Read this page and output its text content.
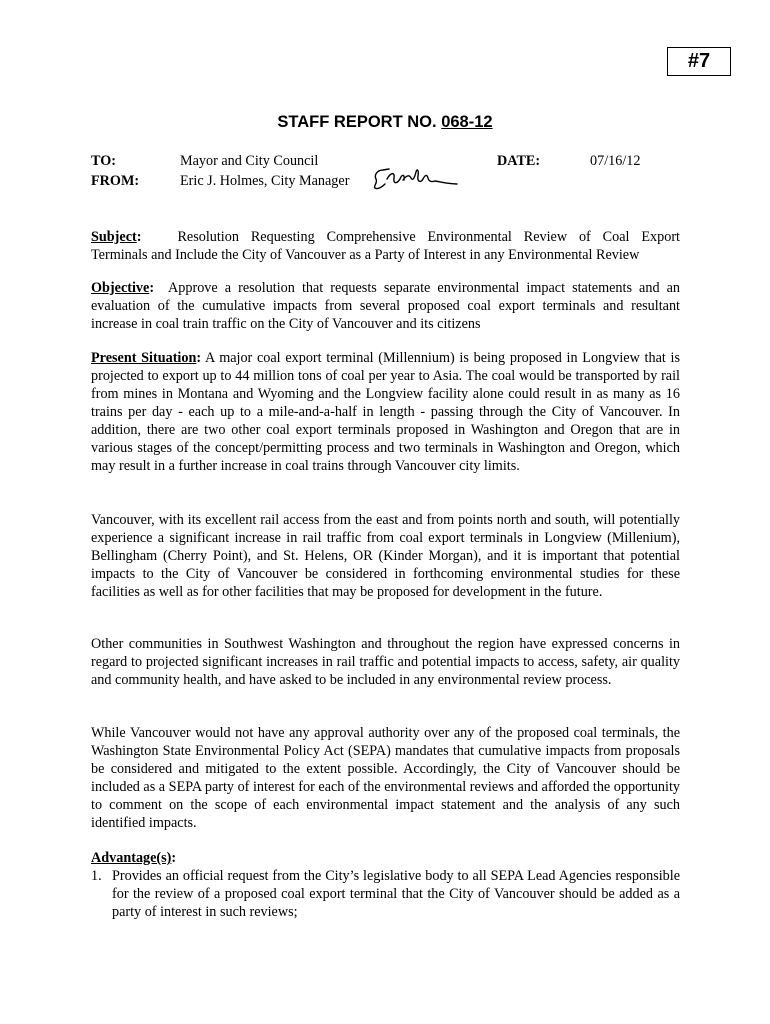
#7
STAFF REPORT NO. 068-12
TO:	Mayor and City Council
FROM:	Eric J. Holmes, City Manager
DATE:	07/16/12

Subject:	Resolution Requesting Comprehensive Environmental Review of Coal Export Terminals and Include the City of Vancouver as a Party of Interest in any Environmental Review

Objective: Approve a resolution that requests separate environmental impact statements and an evaluation of the cumulative impacts from several proposed coal export terminals and resultant increase in coal train traffic on the City of Vancouver and its citizens

Present Situation: A major coal export terminal (Millennium) is being proposed in Longview that is projected to export up to 44 million tons of coal per year to Asia. The coal would be transported by rail from mines in Montana and Wyoming and the Longview facility alone could result in as many as 16 trains per day - each up to a mile-and-a-half in length - passing through the City of Vancouver. In addition, there are two other coal export terminals proposed in Washington and Oregon that are in various stages of the concept/permitting process and two terminals in Washington and Oregon, which may result in a further increase in coal trains through Vancouver city limits.

Vancouver, with its excellent rail access from the east and from points north and south, will potentially experience a significant increase in rail traffic from coal export terminals in Longview (Millenium), Bellingham (Cherry Point), and St. Helens, OR (Kinder Morgan), and it is important that potential impacts to the City of Vancouver be considered in forthcoming environmental studies for these facilities as well as for other facilities that may be proposed for development in the future.

Other communities in Southwest Washington and throughout the region have expressed concerns in regard to projected significant increases in rail traffic and potential impacts to access, safety, air quality and community health, and have asked to be included in any environmental review process.

While Vancouver would not have any approval authority over any of the proposed coal terminals, the Washington State Environmental Policy Act (SEPA) mandates that cumulative impacts from proposals be considered and mitigated to the extent possible. Accordingly, the City of Vancouver should be included as a SEPA party of interest for each of the environmental reviews and afforded the opportunity to comment on the scope of each environmental impact statement and the analysis of any such identified impacts.

Advantage(s):

1. Provides an official request from the City’s legislative body to all SEPA Lead Agencies responsible for the review of a proposed coal export terminal that the City of Vancouver should be added as a party of interest in such reviews;
